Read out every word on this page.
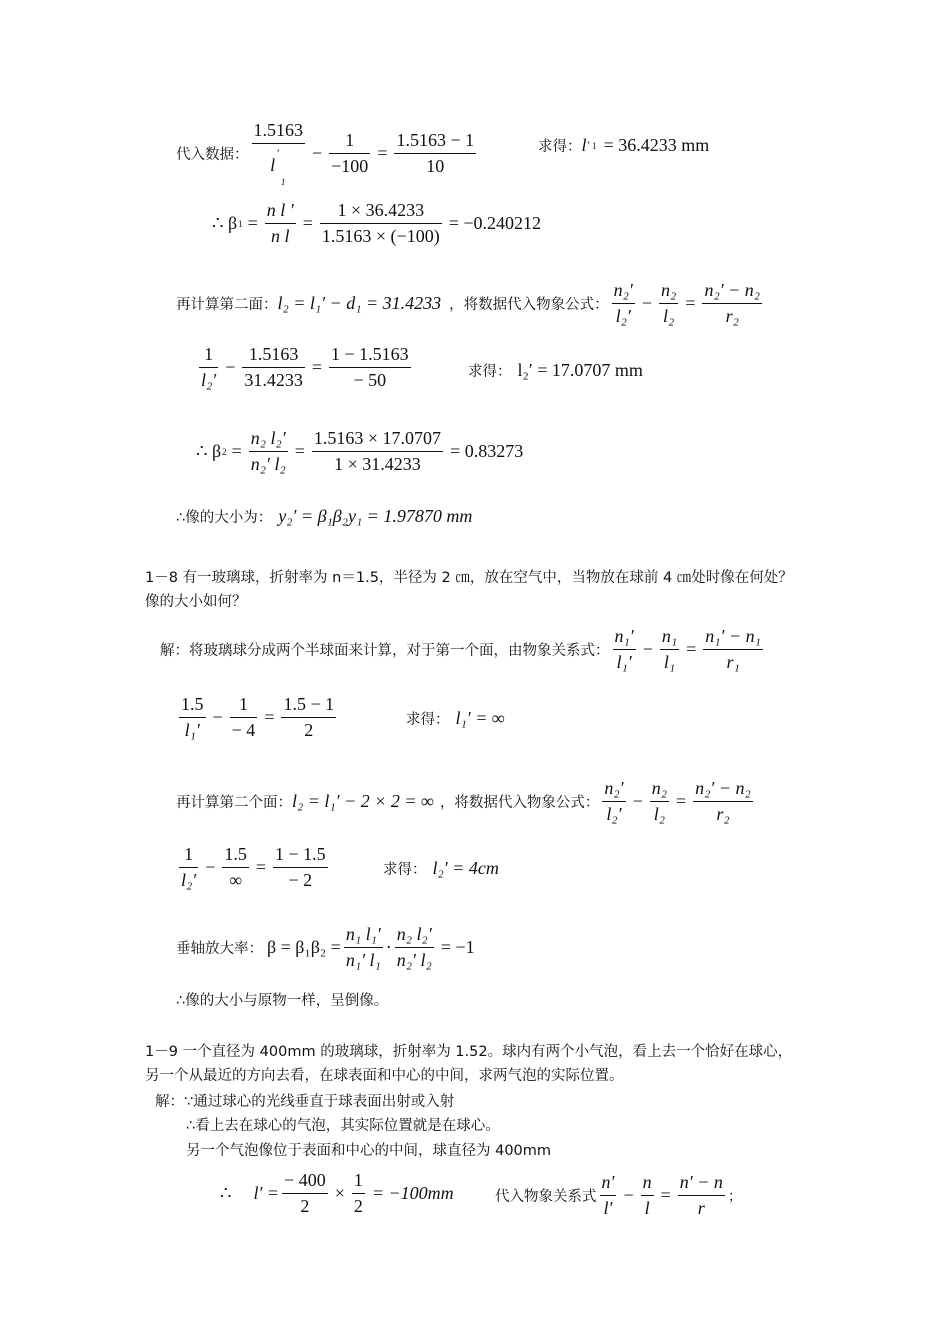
代入数据： $\frac{1.5163}{l'_1} - \frac{1}{-100} = \frac{1.5163 - 1}{10}$	求得： l ′ 1 = 36.4233 mm
∴ β $1 = \frac{\text{n l ′}}{\text{n l}} = \frac{1 \times 36.4233}{1.5163 \times (-100)} = -0.240212$
再计算第二面： l₂ = l₁′ − d₁ = 31.4233 ，将数据代入物象公式： $\frac{\text{n₂′}}{\text{l₂′}} - \frac{\text{n₂}}{\text{l₂}} = \frac{\text{n₂′ − n₂}}{\text{r₂}}$
$\frac{1}{\text{l₂′}} - \frac{1.5163}{31.4233} = \frac{1 - 1.5163}{- 50}$	求得： l₂′ = 17.0707 mm
∴ β $2 = \frac{\text{n₂ l₂′}}{\text{n₂′ l₂}} = \frac{1.5163 \times 17.0707}{1 \times 31.4233} = 0.83273$
∴像的大小为： y₂′ = β₁β₂y₁ = 1.97870 mm
1－8 有一玻璃球，折射率为 n＝1.5，半径为 2 ㎝，放在空气中，当物放在球前 4 ㎝处时像在何处？像的大小如何？
解：将玻璃球分成两个半球面来计算，对于第一个面，由物象关系式： $\frac{\text{n₁′}}{\text{l₁′}} - \frac{\text{n₁}}{\text{l₁}} = \frac{\text{n₁′ − n₁}}{\text{r₁}}$
$\frac{1.5}{\text{l₁′}} - \frac{1}{- 4} = \frac{1.5 - 1}{2}$	求得： l₁′ = ∞
再计算第二个面： l₂ = l₁′ − 2 × 2 = ∞ ，将数据代入物象公式： $\frac{\text{n₂′}}{\text{l₂′}} - \frac{\text{n₂}}{\text{l₂}} = \frac{\text{n₂′ − n₂}}{\text{r₂}}$
$\frac{1}{\text{l₂′}} - \frac{1.5}{\infty} = \frac{1 - 1.5}{- 2}$	求得： l₂′ = 4cm
垂轴放大率： $\beta = \beta_1\beta_2 = \frac{\text{n₁ l₁′}}{\text{n₁′ l₁}} \cdot \frac{\text{n₂ l₂′}}{\text{n₂′ l₂}} = -1$
∴像的大小与原物一样，呈倒像。
1－9 一个直径为 400mm 的玻璃球，折射率为 1.52。球内有两个小气泡，看上去一个恰好在球心，另一个从最近的方向去看，在球表面和中心的中间，求两气泡的实际位置。
解：∵通过球心的光线垂直于球表面出射或入射
∴看上去在球心的气泡，其实际位置就是在球心。
另一个气泡像位于表面和中心的中间，球直径为 400mm
∴ $l' = \frac{- 400}{2} \times \frac{1}{2} = -100mm$	代入物象关系式 $\frac{n'}{l'} - \frac{n}{l} = \frac{n' - n}{r}$ ；
